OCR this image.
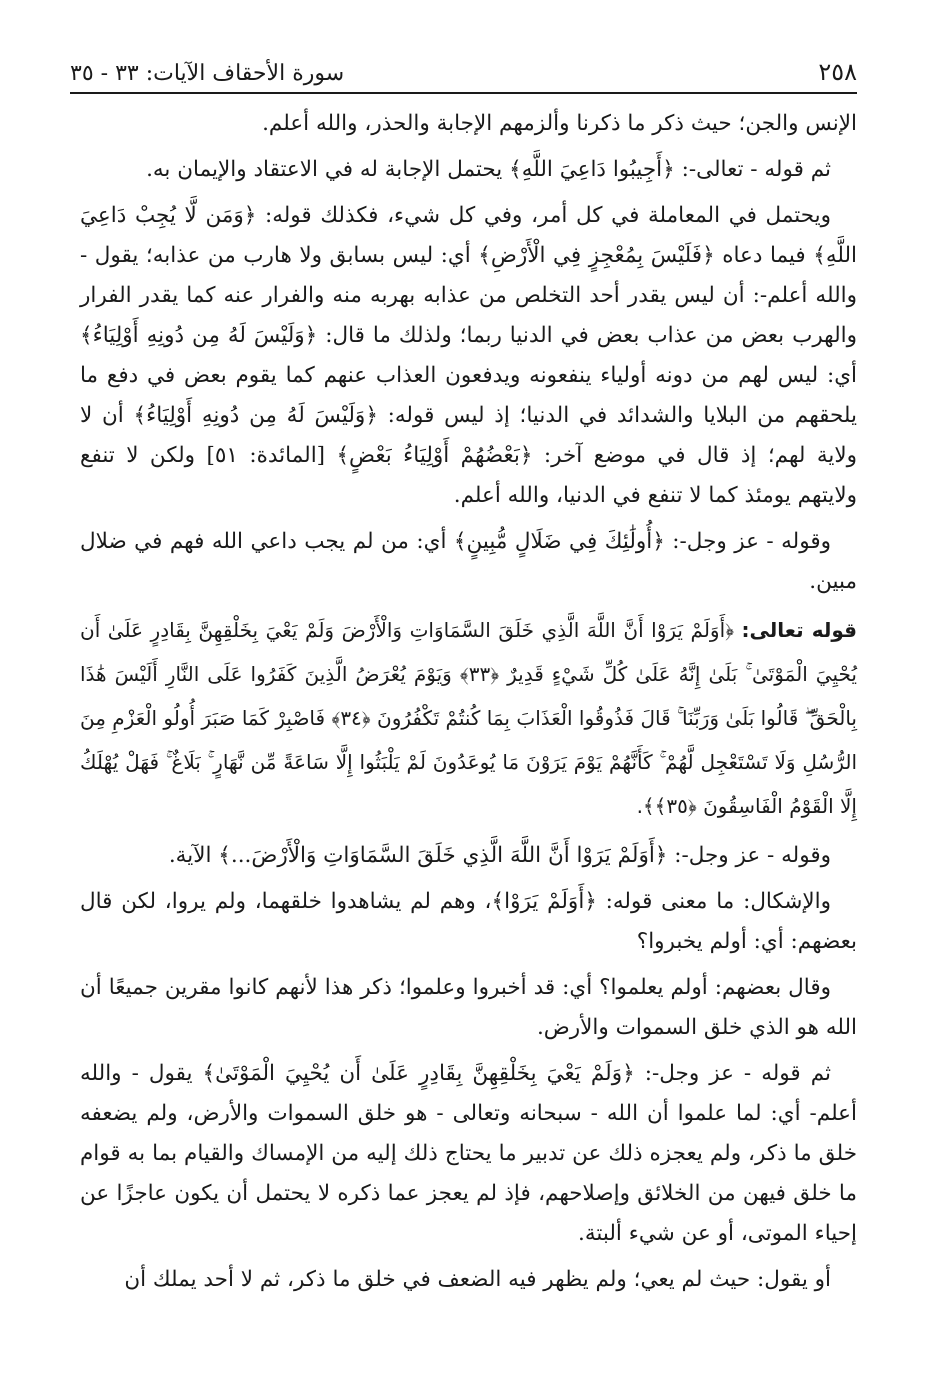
٢٥٨
سورة الأحقاف الآيات: ٣٣ - ٣٥

الإنس والجن؛ حيث ذكر ما ذكرنا وألزمهم الإجابة والحذر، والله أعلم.

ثم قوله - تعالى-: ﴿أَجِيبُوا دَاعِيَ اللَّهِ﴾ يحتمل الإجابة له في الاعتقاد والإيمان به.

ويحتمل في المعاملة في كل أمر، وفي كل شيء، فكذلك قوله: ﴿وَمَن لَّا يُجِبْ دَاعِيَ اللَّهِ﴾ فيما دعاه ﴿فَلَيْسَ بِمُعْجِزٍ فِي الْأَرْضِ﴾ أي: ليس بسابق ولا هارب من عذابه؛ يقول - والله أعلم-: أن ليس يقدر أحد التخلص من عذابه بهربه منه والفرار عنه كما يقدر الفرار والهرب بعض من عذاب بعض في الدنيا ربما؛ ولذلك ما قال: ﴿وَلَيْسَ لَهُ مِن دُونِهِ أَوْلِيَاءُ﴾ أي: ليس لهم من دونه أولياء ينفعونه ويدفعون العذاب عنهم كما يقوم بعض في دفع ما يلحقهم من البلايا والشدائد في الدنيا؛ إذ ليس قوله: ﴿وَلَيْسَ لَهُ مِن دُونِهِ أَوْلِيَاءُ﴾ أن لا ولاية لهم؛ إذ قال في موضع آخر: ﴿بَعْضُهُمْ أَوْلِيَاءُ بَعْضٍ﴾ [المائدة: ٥١] ولكن لا تنفع ولايتهم يومئذ كما لا تنفع في الدنيا، والله أعلم.

وقوله - عز وجل-: ﴿أُولَٰئِكَ فِي ضَلَالٍ مُّبِينٍ﴾ أي: من لم يجب داعي الله فهم في ضلال مبين.

قوله تعالى: ﴿أَوَلَمْ يَرَوْا أَنَّ اللَّهَ الَّذِي خَلَقَ السَّمَاوَاتِ وَالْأَرْضَ وَلَمْ يَعْيَ بِخَلْقِهِنَّ بِقَادِرٍ عَلَىٰ أَن يُحْيِيَ الْمَوْتَىٰ ۚ بَلَىٰ إِنَّهُ عَلَىٰ كُلِّ شَيْءٍ قَدِيرٌ ﴿٣٣﴾ وَيَوْمَ يُعْرَضُ الَّذِينَ كَفَرُوا عَلَى النَّارِ أَلَيْسَ هَٰذَا بِالْحَقِّ ۖ قَالُوا بَلَىٰ وَرَبِّنَا ۚ قَالَ فَذُوقُوا الْعَذَابَ بِمَا كُنتُمْ تَكْفُرُونَ ﴿٣٤﴾ فَاصْبِرْ كَمَا صَبَرَ أُولُو الْعَزْمِ مِنَ الرُّسُلِ وَلَا تَسْتَعْجِل لَّهُمْ ۚ كَأَنَّهُمْ يَوْمَ يَرَوْنَ مَا يُوعَدُونَ لَمْ يَلْبَثُوا إِلَّا سَاعَةً مِّن نَّهَارٍ ۚ بَلَاغٌ ۚ فَهَلْ يُهْلَكُ إِلَّا الْقَوْمُ الْفَاسِقُونَ ﴿٣٥﴾﴾.

وقوله - عز وجل-: ﴿أَوَلَمْ يَرَوْا أَنَّ اللَّهَ الَّذِي خَلَقَ السَّمَاوَاتِ وَالْأَرْضَ...﴾ الآية.

والإشكال: ما معنى قوله: ﴿أَوَلَمْ يَرَوْا﴾، وهم لم يشاهدوا خلقهما، ولم يروا، لكن قال بعضهم: أي: أولم يخبروا؟

وقال بعضهم: أولم يعلموا؟ أي: قد أخبروا وعلموا؛ ذكر هذا لأنهم كانوا مقرين جميعًا أن الله هو الذي خلق السموات والأرض.

ثم قوله - عز وجل-: ﴿وَلَمْ يَعْيَ بِخَلْقِهِنَّ بِقَادِرٍ عَلَىٰ أَن يُحْيِيَ الْمَوْتَىٰ﴾ يقول - والله أعلم- أي: لما علموا أن الله - سبحانه وتعالى - هو خلق السموات والأرض، ولم يضعفه خلق ما ذكر، ولم يعجزه ذلك عن تدبير ما يحتاج ذلك إليه من الإمساك والقيام بما به قوام ما خلق فيهن من الخلائق وإصلاحهم، فإذ لم يعجز عما ذكره لا يحتمل أن يكون عاجزًا عن إحياء الموتى، أو عن شيء ألبتة.

أو يقول: حيث لم يعي؛ ولم يظهر فيه الضعف في خلق ما ذكر، ثم لا أحد يملك أن
